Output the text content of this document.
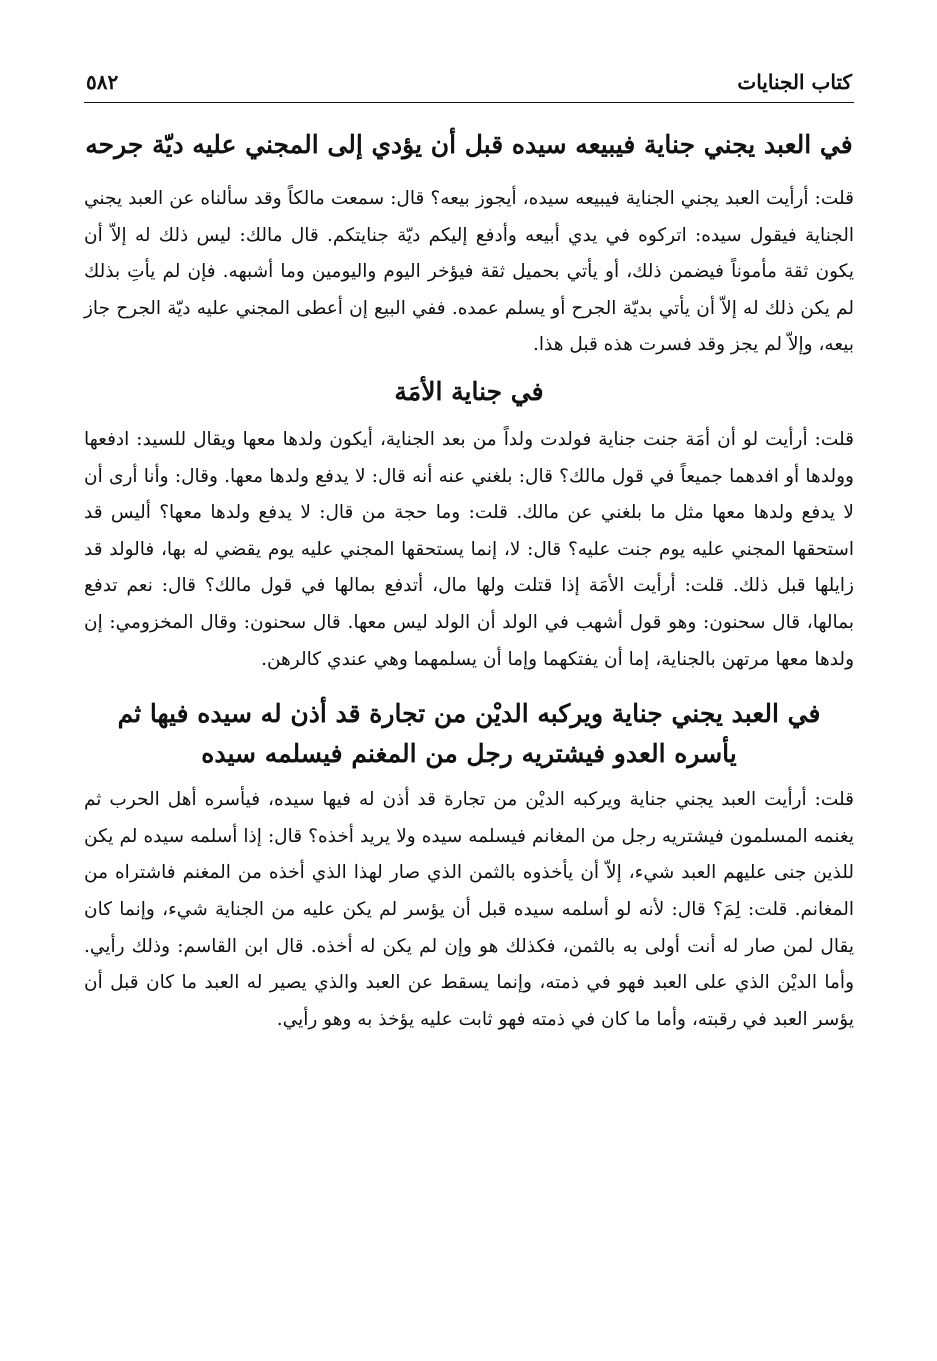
كتاب الجنايات
٥٨٢
في العبد يجني جناية فيبيعه سيده قبل أن يؤدي إلى المجني عليه ديّة جرحه

قلت: أرأيت العبد يجني الجناية فيبيعه سيده، أيجوز بيعه؟ قال: سمعت مالكاً وقد سألناه عن العبد يجني الجناية فيقول سيده: اتركوه في يدي أبيعه وأدفع إليكم ديّة جنايتكم. قال مالك: ليس ذلك له إلاّ أن يكون ثقة مأموناً فيضمن ذلك، أو يأتي بحميل ثقة فيؤخر اليوم واليومين وما أشبهه. فإن لم يأتِ بذلك لم يكن ذلك له إلاّ أن يأتي بديّة الجرح أو يسلم عمده. ففي البيع إن أعطى المجني عليه ديّة الجرح جاز بيعه، وإلاّ لم يجز وقد فسرت هذه قبل هذا.

في جناية الأمَة

قلت: أرأيت لو أن أمَة جنت جناية فولدت ولداً من بعد الجناية، أيكون ولدها معها ويقال للسيد: ادفعها وولدها أو افدهما جميعاً في قول مالك؟ قال: بلغني عنه أنه قال: لا يدفع ولدها معها. وقال: وأنا أرى أن لا يدفع ولدها معها مثل ما بلغني عن مالك. قلت: وما حجة من قال: لا يدفع ولدها معها؟ أليس قد استحقها المجني عليه يوم جنت عليه؟ قال: لا، إنما يستحقها المجني عليه يوم يقضي له بها، فالولد قد زايلها قبل ذلك. قلت: أرأيت الأمَة إذا قتلت ولها مال، أتدفع بمالها في قول مالك؟ قال: نعم تدفع بمالها، قال سحنون: وهو قول أشهب في الولد أن الولد ليس معها. قال سحنون: وقال المخزومي: إن ولدها معها مرتهن بالجناية، إما أن يفتكهما وإما أن يسلمهما وهي عندي كالرهن.

في العبد يجني جناية ويركبه الديْن من تجارة قد أذن له سيده فيها ثم يأسره العدو فيشتريه رجل من المغنم فيسلمه سيده

قلت: أرأيت العبد يجني جناية ويركبه الديْن من تجارة قد أذن له فيها سيده، فيأسره أهل الحرب ثم يغنمه المسلمون فيشتريه رجل من المغانم فيسلمه سيده ولا يريد أخذه؟ قال: إذا أسلمه سيده لم يكن للذين جنى عليهم العبد شيء، إلاّ أن يأخذوه بالثمن الذي صار لهذا الذي أخذه من المغنم فاشتراه من المغانم. قلت: لِمَ؟ قال: لأنه لو أسلمه سيده قبل أن يؤسر لم يكن عليه من الجناية شيء، وإنما كان يقال لمن صار له أنت أولى به بالثمن، فكذلك هو وإن لم يكن له أخذه. قال ابن القاسم: وذلك رأيي. وأما الديْن الذي على العبد فهو في ذمته، وإنما يسقط عن العبد والذي يصير له العبد ما كان قبل أن يؤسر العبد في رقبته، وأما ما كان في ذمته فهو ثابت عليه يؤخذ به وهو رأيي.
